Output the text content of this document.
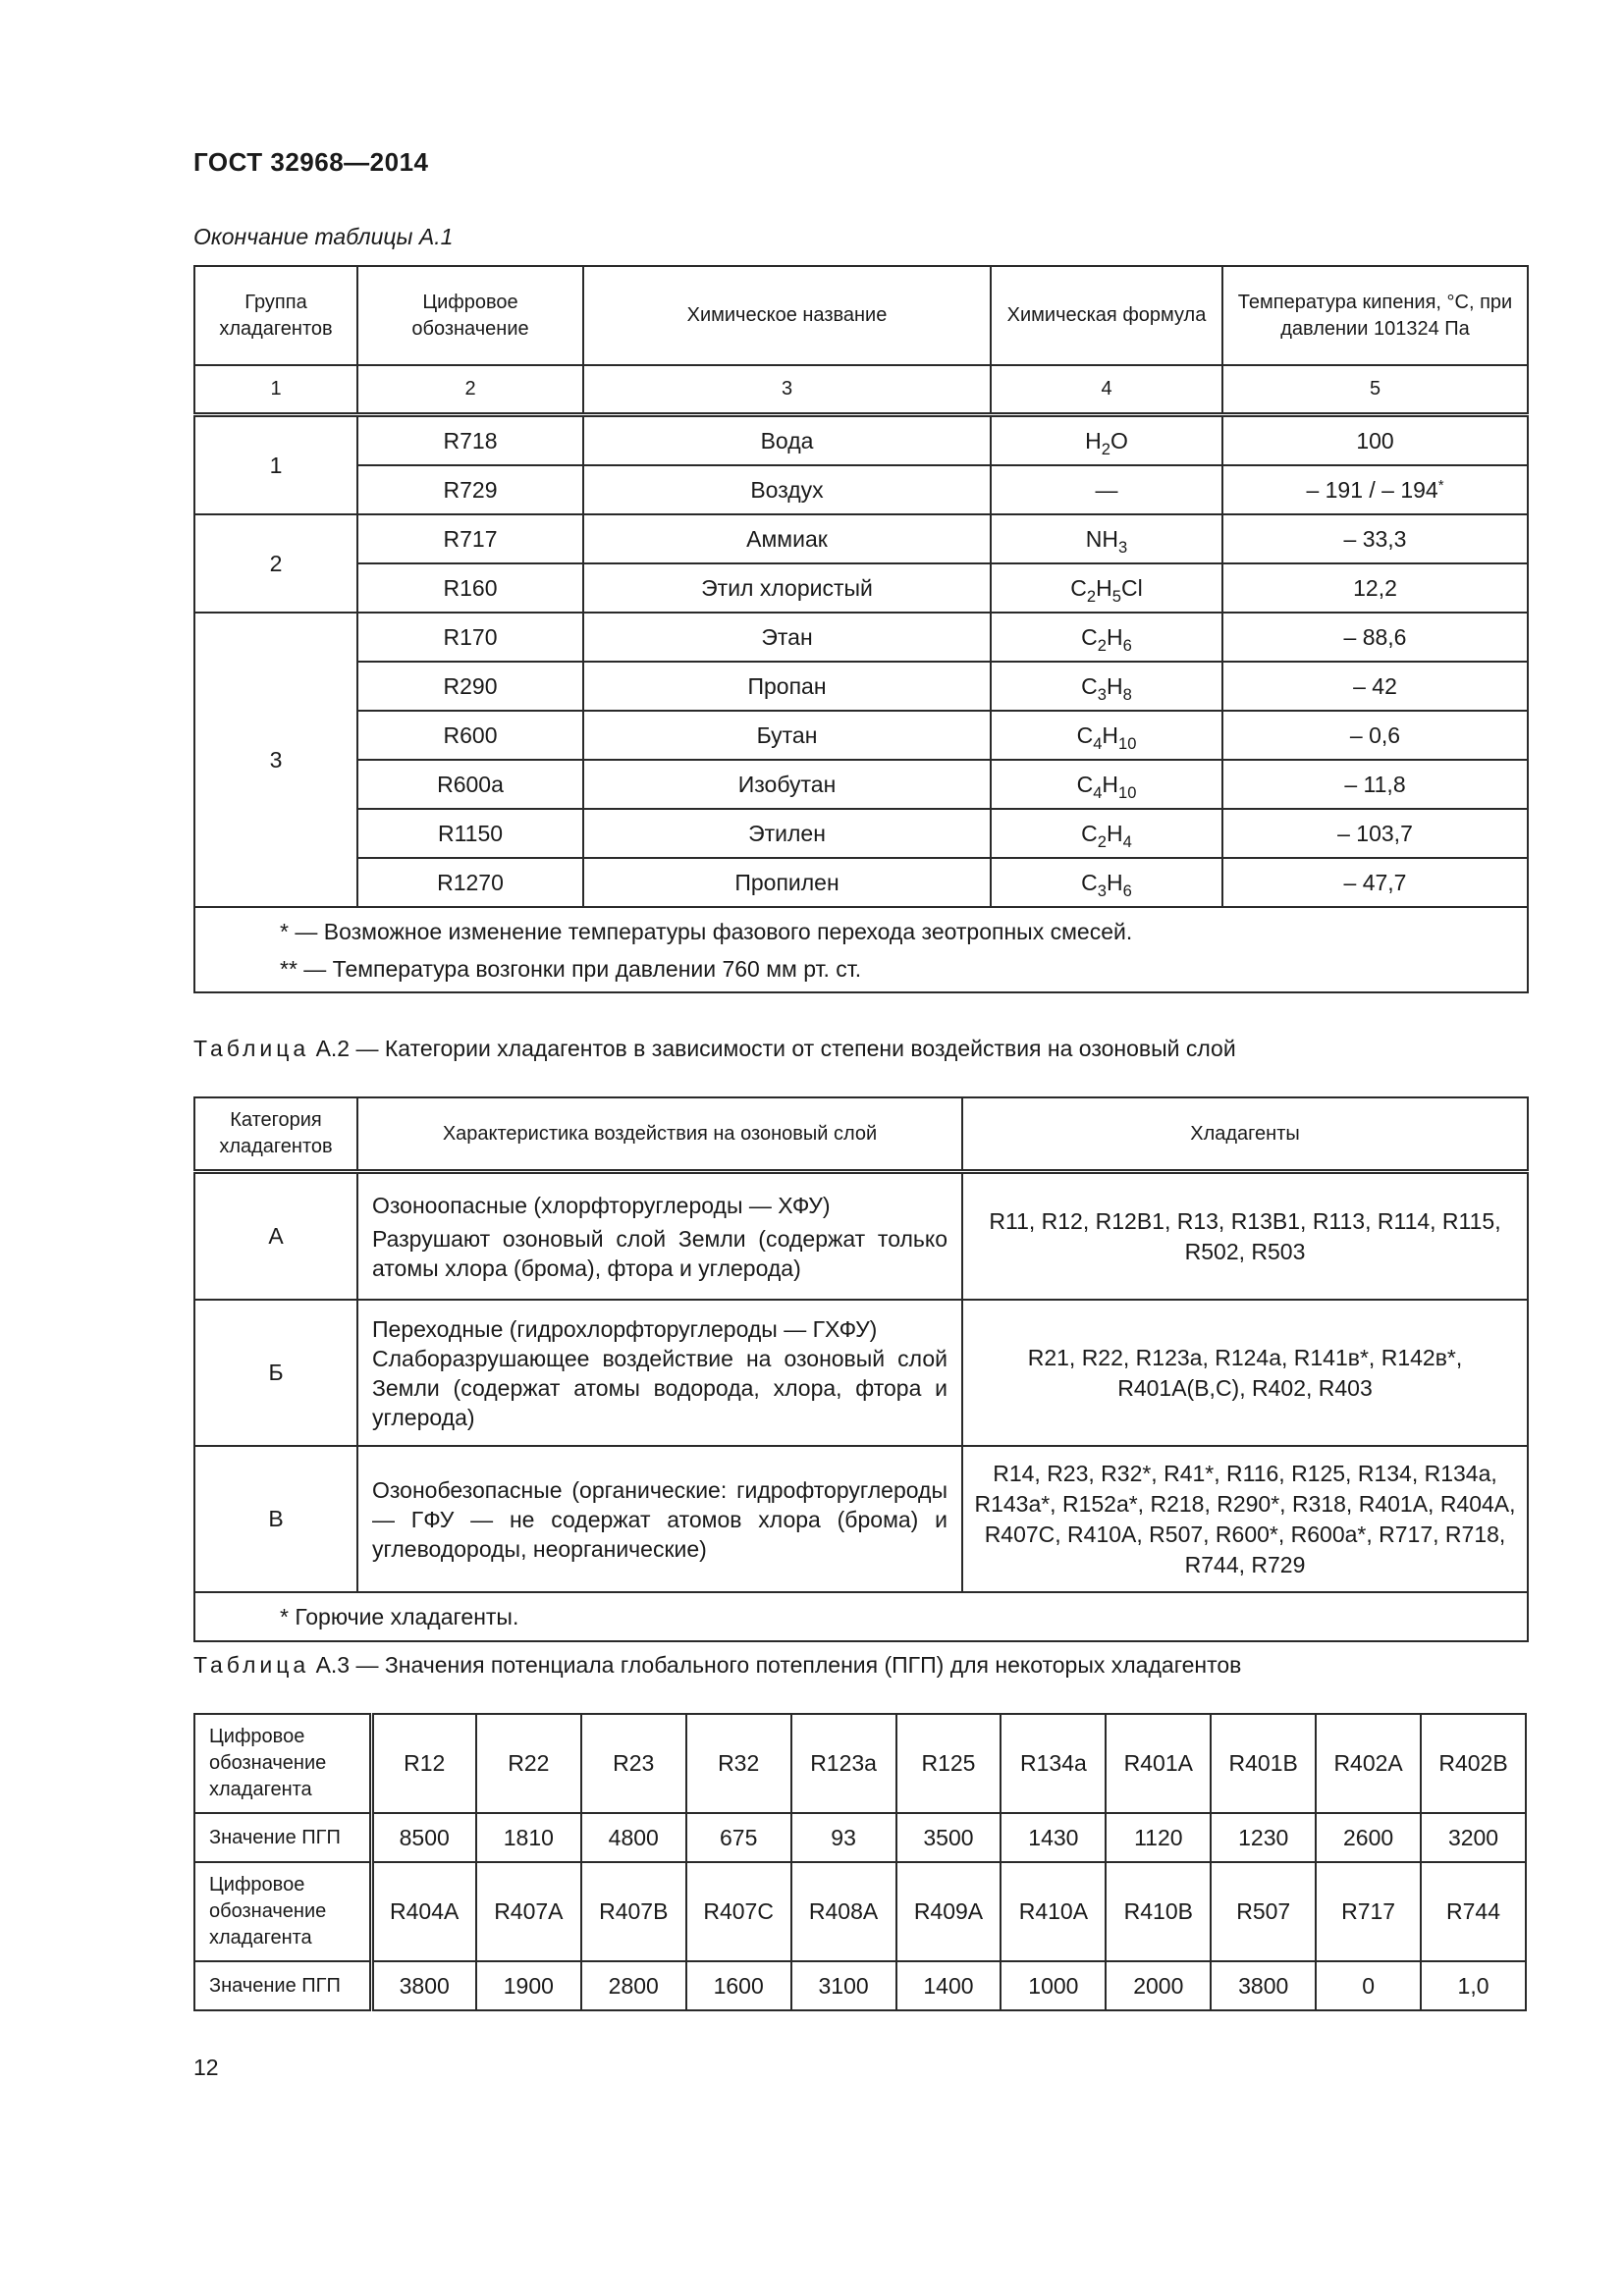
ГОСТ 32968—2014
Окончание таблицы А.1
Группа хладагентов	Цифровое обозначение	Химическое название	Химическая формула	Температура кипения, °С, при давлении 101324 Па
1	2	3	4	5
1	R718	Вода	$H_2O$	100
	R729	Воздух	—	– 191 / – 194*
2	R717	Аммиак	$NH_3$	– 33,3
	R160	Этил хлористый	$C_2H_5Cl$	12,2
3	R170	Этан	$C_2H_6$	– 88,6
	R290	Пропан	$C_3H_8$	– 42
	R600	Бутан	$C_4H_{10}$	– 0,6
	R600a	Изобутан	$C_4H_{10}$	– 11,8
	R1150	Этилен	$C_2H_4$	– 103,7
	R1270	Пропилен	$C_3H_6$	– 47,7

* — Возможное изменение температуры фазового перехода зеотропных смесей.
** — Температура возгонки при давлении 760 мм рт. ст.				
Таблица А.2 — Категории хладагентов в зависимости от степени воздействия на озоновый слой
Категория хладагентов	Характеристика воздействия на озоновый слой	Хладагенты
А	Озоноопасные (хлорфторуглероды — ХФУ)
Разрушают озоновый слой Земли (содержат только атомы хлора (брома), фтора и углерода)	R11, R12, R12B1, R13, R13B1, R113, R114, R115, R502, R503
Б	Переходные (гидрохлорфторуглероды — ГХФУ)
Слаборазрушающее воздействие на озоновый слой Земли (содержат атомы водорода, хлора, фтора и углерода)	R21, R22, R123a, R124a, R141в*, R142в*, R401A(B,C), R402, R403
В	Озонобезопасные (органические: гидрофторуглероды — ГФУ — не содержат атомов хлора (брома) и углеводороды, неорганические)	R14, R23, R32*, R41*, R116, R125, R134, R134a, R143a*, R152a*, R218, R290*, R318, R401A, R404A, R407C, R410A, R507, R600*, R600a*, R717, R718, R744, R729
* Горючие хладагенты.		
Таблица А.3 — Значения потенциала глобального потепления (ПГП) для некоторых хладагентов
Цифровое обозначение хладагента	R12	R22	R23	R32	R123a	R125	R134a	R401A	R401B	R402A	R402B
Значение ПГП	8500	1810	4800	675	93	3500	1430	1120	1230	2600	3200
Цифровое обозначение хладагента	R404A	R407A	R407B	R407C	R408A	R409A	R410A	R410B	R507	R717	R744
Значение ПГП	3800	1900	2800	1600	3100	1400	1000	2000	3800	0	1,0
12
